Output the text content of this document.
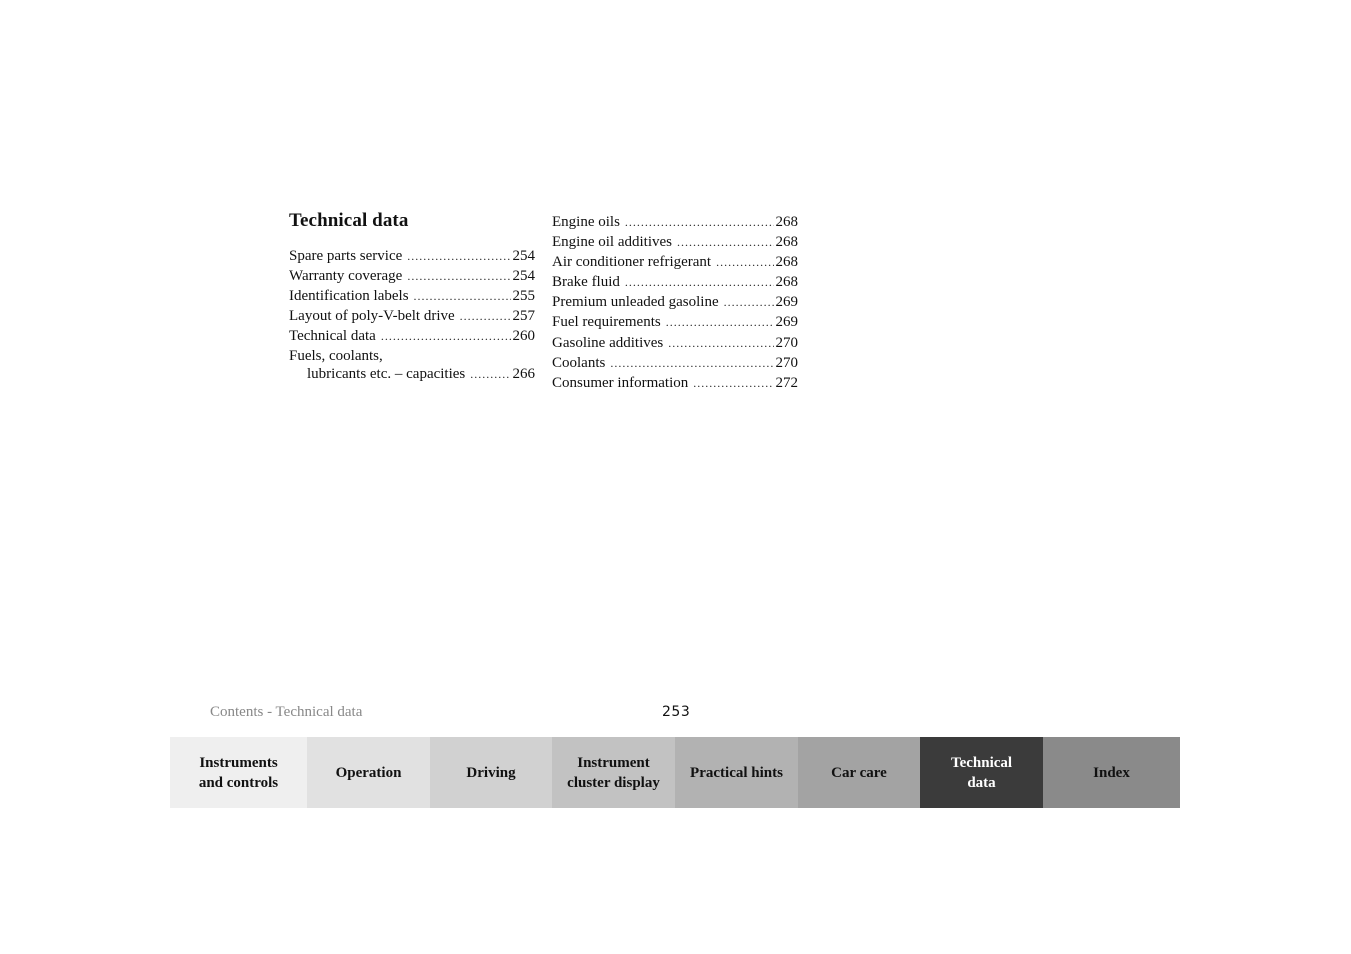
Technical data
Spare parts service .....	254
Warranty coverage .....	254
Identification labels .....	255
Layout of poly-V-belt drive .....	257
Technical data .....	260
Fuels, coolants,
lubricants etc. – capacities .....	266
Engine oils .....	268
Engine oil additives .....	268
Air conditioner refrigerant .....	268
Brake fluid .....	268
Premium unleaded gasoline .....	269
Fuel requirements .....	269
Gasoline additives .....	270
Coolants .....	270
Consumer information .....	272
Contents - Technical data	253
Instruments
and controls
Operation	Driving
Instrument
cluster display
Practical hints	Car care
Technical
data
Index
